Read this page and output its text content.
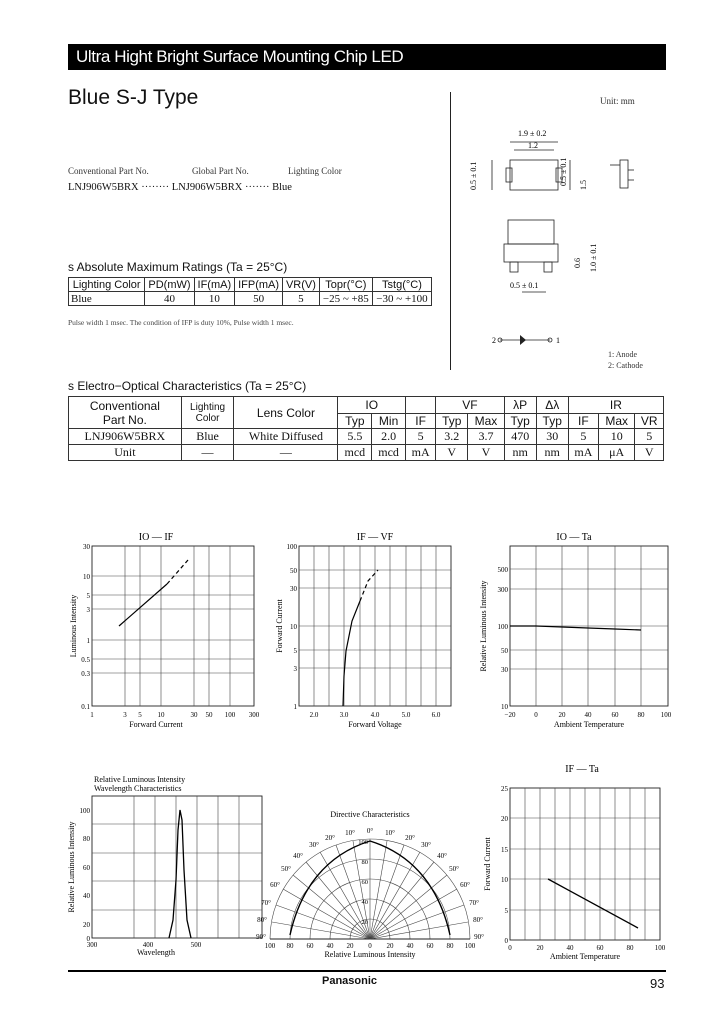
Ultra Hight Bright Surface Mounting Chip LED
Blue S-J Type
Conventional Part No.	Global Part No.	Lighting Color
LNJ906W5BRX ········ LNJ906W5BRX ······· Blue
Unit: mm
1.9 ± 0.2
1.2
0.5 ± 0.1	0.5 ± 0.1 1.5
0.6 1.0 ± 0.1
0.5 ± 0.1
2	1
1: Anode
2: Cathode
s Absolute Maximum Ratings (Ta = 25°C)
Lighting Color	PD(mW)	IF(mA)	IFP(mA)	VR(V)	Topr(°C)	Tstg(°C)
Blue	40	10	50	5	−25 ~ +85	−30 ~ +100
Pulse width 1 msec. The condition of IFP is duty 10%, Pulse width 1 msec.
s Electro−Optical Characteristics (Ta = 25°C)
Conventional
Part No.	Lighting
Color	Lens Color	IO			VF		λP	Δλ	IR		
			Typ	Min	IF	Typ	Max	Typ	Typ	IF	Max	VR
LNJ906W5BRX	Blue	White Diffused	5.5	2.0	5	3.2	3.7	470	30	5	10	5
Unit	—	—	mcd	mcd	mA	V	V	nm	nm	mA	μA	V
IO — IF
30
10
5
3
1
0.5
0.3
0.1
1	3 5 10	30 50 100 300
Forward Current
Luminous Intensity
IF — VF
100
50
30
10
5
3
1
2.0	3.0	4.0	5.0	6.0
Forward Voltage
Forward Current
IO — Ta
500
300
100
50
30
10
−20	0	20	40	60	80 100
Ambient Temperature
Relative Luminous Intensity
Relative Luminous Intensity
Wavelength Characteristics
100
80
60
40
20
0
300	400	500
Wavelength
Relative Luminous Intensity
Directive Characteristics
0° 10°
10°
20°
20°
30°
30°
40°
40°
50°
50°
60°
60°
70°
70°
80°
80°
90°
90°
100
80
60
40
20
100 80 60 40 20 0 20 40 60 80 100
Relative Luminous Intensity
IF — Ta
25
20
15
10
5
0
0	20	40	60	80	100
Ambient Temperature
Forward Current
Panasonic	93
